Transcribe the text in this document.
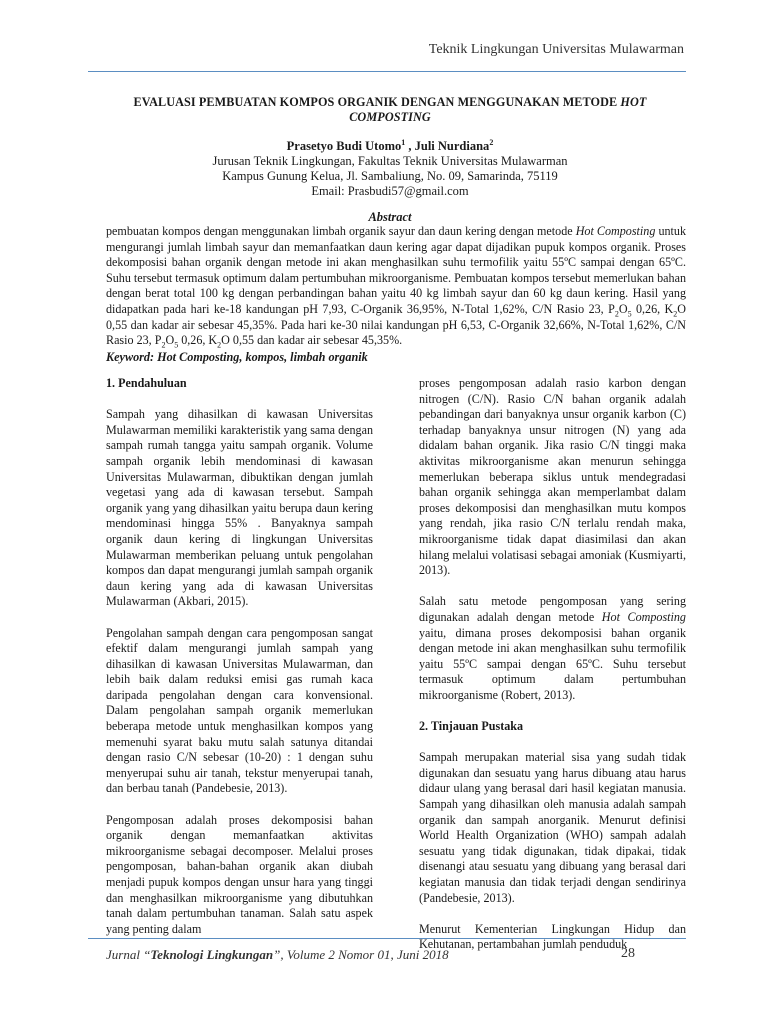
Teknik Lingkungan Universitas Mulawarman
EVALUASI PEMBUATAN KOMPOS ORGANIK DENGAN MENGGUNAKAN METODE HOT COMPOSTING
Prasetyo Budi Utomo$^1$ , Juli Nurdiana$^2$
Jurusan Teknik Lingkungan, Fakultas Teknik Universitas Mulawarman
Kampus Gunung Kelua, Jl. Sambaliung, No. 09, Samarinda, 75119
Email: Prasbudi57@gmail.com
Abstract
pembuatan kompos dengan menggunakan limbah organik sayur dan daun kering dengan metode Hot Composting untuk mengurangi jumlah limbah sayur dan memanfaatkan daun kering agar dapat dijadikan pupuk kompos organik. Proses dekomposisi bahan organik dengan metode ini akan menghasilkan suhu termofilik yaitu 55ºC sampai dengan 65ºC. Suhu tersebut termasuk optimum dalam pertumbuhan mikroorganisme. Pembuatan kompos tersebut memerlukan bahan dengan berat total 100 kg dengan perbandingan bahan yaitu 40 kg limbah sayur dan 60 kg daun kering. Hasil yang didapatkan pada hari ke-18 kandungan pH 7,93, C-Organik 36,95%, N-Total 1,62%, C/N Rasio 23, $P_2O_5$ 0,26, $K_2O$ 0,55 dan kadar air sebesar 45,35%. Pada hari ke-30 nilai kandungan pH 6,53, C-Organik 32,66%, N-Total 1,62%, C/N Rasio 23, $P_2O_5$ 0,26, $K_2O$ 0,55 dan kadar air sebesar 45,35%.
Keyword: Hot Composting, kompos, limbah organik
1. Pendahuluan

Sampah yang dihasilkan di kawasan Universitas Mulawarman memiliki karakteristik yang sama dengan sampah rumah tangga yaitu sampah organik. Volume sampah organik lebih mendominasi di kawasan Universitas Mulawarman, dibuktikan dengan jumlah vegetasi yang ada di kawasan tersebut. Sampah organik yang yang dihasilkan yaitu berupa daun kering mendominasi hingga 55% . Banyaknya sampah organik daun kering di lingkungan Universitas Mulawarman memberikan peluang untuk pengolahan kompos dan dapat mengurangi jumlah sampah organik daun kering yang ada di kawasan Universitas Mulawarman (Akbari, 2015).

Pengolahan sampah dengan cara pengomposan sangat efektif dalam mengurangi jumlah sampah yang dihasilkan di kawasan Universitas Mulawarman, dan lebih baik dalam reduksi emisi gas rumah kaca daripada pengolahan dengan cara konvensional. Dalam pengolahan sampah organik memerlukan beberapa metode untuk menghasilkan kompos yang memenuhi syarat baku mutu salah satunya ditandai dengan rasio C/N sebesar (10-20) : 1 dengan suhu menyerupai suhu air tanah, tekstur menyerupai tanah, dan berbau tanah (Pandebesie, 2013).

Pengomposan adalah proses dekomposisi bahan organik dengan memanfaatkan aktivitas mikroorganisme sebagai decomposer. Melalui proses pengomposan, bahan-bahan organik akan diubah menjadi pupuk kompos dengan unsur hara yang tinggi dan menghasilkan mikroorganisme yang dibutuhkan tanah dalam pertumbuhan tanaman. Salah satu aspek yang penting dalam

proses pengomposan adalah rasio karbon dengan nitrogen (C/N). Rasio C/N bahan organik adalah pebandingan dari banyaknya unsur organik karbon (C) terhadap banyaknya unsur nitrogen (N) yang ada didalam bahan organik. Jika rasio C/N tinggi maka aktivitas mikroorganisme akan menurun sehingga memerlukan beberapa siklus untuk mendegradasi bahan organik sehingga akan memperlambat dalam proses dekomposisi dan menghasilkan mutu kompos yang rendah, jika rasio C/N terlalu rendah maka, mikroorganisme tidak dapat diasimilasi dan akan hilang melalui volatisasi sebagai amoniak (Kusmiyarti, 2013).

Salah satu metode pengomposan yang sering digunakan adalah dengan metode Hot Composting yaitu, dimana proses dekomposisi bahan organik dengan metode ini akan menghasilkan suhu termofilik yaitu 55ºC sampai dengan 65ºC. Suhu tersebut termasuk optimum dalam pertumbuhan mikroorganisme (Robert, 2013).

2. Tinjauan Pustaka

Sampah merupakan material sisa yang sudah tidak digunakan dan sesuatu yang harus dibuang atau harus didaur ulang yang berasal dari hasil kegiatan manusia. Sampah yang dihasilkan oleh manusia adalah sampah organik dan sampah anorganik. Menurut definisi World Health Organization (WHO) sampah adalah sesuatu yang tidak digunakan, tidak dipakai, tidak disenangi atau sesuatu yang dibuang yang berasal dari kegiatan manusia dan tidak terjadi dengan sendirinya (Pandebesie, 2013).

Menurut Kementerian Lingkungan Hidup dan Kehutanan, pertambahan jumlah penduduk

Jurnal “Teknologi Lingkungan”, Volume 2 Nomor 01, Juni 2018	28
